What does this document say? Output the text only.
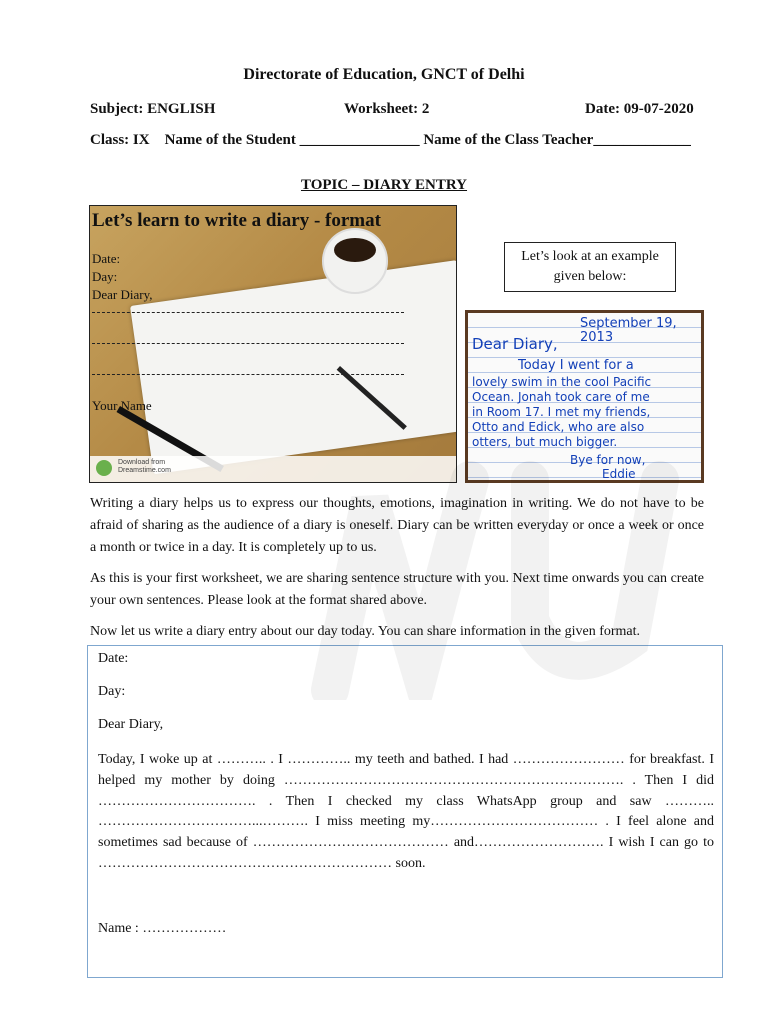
Directorate of Education, GNCT of Delhi
Subject: ENGLISH	Worksheet: 2	Date: 09-07-2020
Class: IX    Name of the Student ________________ Name of the Class Teacher_____________
TOPIC – DIARY ENTRY
Let’s learn to write a diary - format
Date:
Day:
Dear Diary,
Your Name
Download from
Dreamstime.com
Let’s look at an example given below:
September 19, 2013
Dear Diary,
Today I went for a
lovely swim in the cool Pacific
Ocean. Jonah took care of me
in Room 17. I met my friends,
Otto and Edick, who are also
otters, but much bigger.
Bye for now,
Eddie
Writing a diary helps us to express our thoughts, emotions, imagination in writing. We do not have to be afraid of sharing as the audience of a diary is oneself. Diary can be written everyday or once a week or once a month or twice in a day. It is completely up to us.
As this is your first worksheet, we are sharing sentence structure with you. Next time onwards you can create your own sentences. Please look at the format shared above.
Now let us write a diary entry about our day today. You can share information in the given format.
Date:
Day:
Dear Diary,
Today, I woke up at ……….. . I ………….. my teeth and bathed. I had …………………… for breakfast. I helped my mother by doing ………………………………………………………………. . Then I did ……………………………. . Then I checked my class WhatsApp group and saw ……….. ……………………………...………. I miss meeting my……………………………… . I feel alone and sometimes sad because of …………………………………… and………………………. I wish I can go to ……………………………………………………… soon.
Name : ………………
